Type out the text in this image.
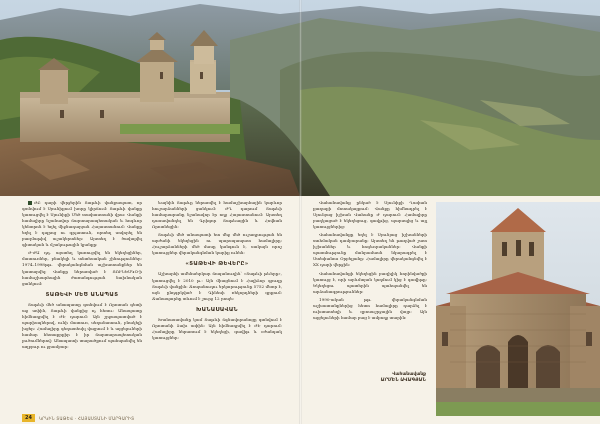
ԺԲ դարի վերջերին Տաթևի վանքապատ, որ գտնվում է Սյունիքում խորը կիրճում։ Տաթևի վանքը կառուցվել է Սյունիքի Մեծ տափաստանի վրա։ Վանքի համալիրը նշանավոր ճարտարապետական և հոգևոր կենտրոն է եղել միջնադարյան Հայաստանում։ Վանքը եղել է դպրոց ու գրչատուն, որտեղ սովորել են բազմաթիվ աշակերտներ։ Այստեղ է ծավալվել գիտական և մշակութային կյանքը։

Ժ-ԺԱ դդ. այստեղ կառուցվել են եկեղեցիներ, մատուռներ, բնակելի և տնտեսական շինություններ։ 1974–1998թթ. վերականգնման աշխատանքներ են կատարվել։ Վանքը ներառված է ՅՈՒՆԵՍԿՕ-ի համաշխարհային ժառանգության նախնական ցանկում։

ՏԱԹԵՎԻ ՄԵԾ ԱՆԱՊԱՏ

Տաթևի մեծ անապատը գտնվում է Որոտան գետի աջ ափին, Տաթևի վանքից ոչ հեռու։ Անապատը հիմնադրվել է ԺԷ դարում։ Այն շրջապատված է պարիսպներով, ունի մատուռ, սեղանատուն, բնակելի խցեր։ Համալիրը գեղատեսիլ վայրում է և այցելուների համար հետաքրքիր է իր ճարտարապետական լուծումներով։ Անապատի տարածքում պահպանվել են աղբյուր ու ջրամբար։

ևայնին Տաթևը ներառվել է համաշխարհային կարևոր հուշարձանների ցանկում։ ԺԴ դարում Տաթևի համալսարանը նշանավոր էր ողջ Հայաստանում։ Այստեղ դասավանդել են Գրիգոր Տաթևացին և Հովհան Որոտնեցին։

Տաթևի մեծ անապատի ետ մեջ մեծ ուշադրության են արժանի եկեղեցին ու պարսպապատ համալիրը։ Հուշարձանների մեծ մասը կանգուն է, սակայն որոշ կառույցներ վերականգնման կարիք ունեն։

«ՏԱԹԵՎԻ ԹԵՎԵՐԸ»

Աշխարհի ամենաերկար ճոպանուղին՝ «Տաթևի թևերը», կառուցվել է 2010 թ.։ Այն միացնում է Հալիձոր գյուղը Տաթևի վանքին։ Ճոպանուղու երկարությունը 5752 մետր է, այն ընդգրկված է Գինեսի ռեկորդների գրքում։ Ճանապարհը տևում է շուրջ 12 րոպե։

ԽԱՆԱՍԱՎԱՆ

Խանասավանը կամ Տաթևի ճգնավորանոցը գտնվում է Որոտանի ձախ ափին։ Այն հիմնադրվել է ԺԷ դարում։ Համալիրը ներառում է եկեղեցի, գավիթ և օժանդակ կառույցներ։

Վահանավանք ընկած է Սյունիքի Ղափան քաղաքի մոտակայքում։ Վանքը հիմնադրել է Սյունյաց իշխան Վահանը Ժ դարում։ Համալիրը բաղկացած է եկեղեցուց, գավթից, պարսպից և այլ կառույցներից։

Վահանավանքը եղել է Սյունյաց իշխանների տոհմական դամբարանը։ Այստեղ են թաղված շատ իշխաններ և հոգևորականներ։ Վանքի պատմությունը մանրամասն նկարագրել է Ստեփանոս Օրբելյանը։ Համալիրը վերականգնվել է XX դարի վերջին։

Վահանավանքի եկեղեցին բազիլիկ հորինվածքի կառույց է, որի արևմտյան կողմում կից է գավիթը։ Եկեղեցու պատերին պահպանվել են արձանագրություններ։

1990-ական թթ. վերականգնման աշխատանքներից հետո համալիրը դարձել է ուխտատեղի և զբոսաշրջային վայր։ Այն այցելուների համար բաց է ամբողջ տարին։

Վահանավանք
ԱՐՄԵՆ ԱՎԱԳՅԱՆ
24	ԿՐԿԻՆ ՏԱԹԵՎ · ՀԱՅԱՍՏԱՆԻ ՄԱՐԳԱՐԻՏ
